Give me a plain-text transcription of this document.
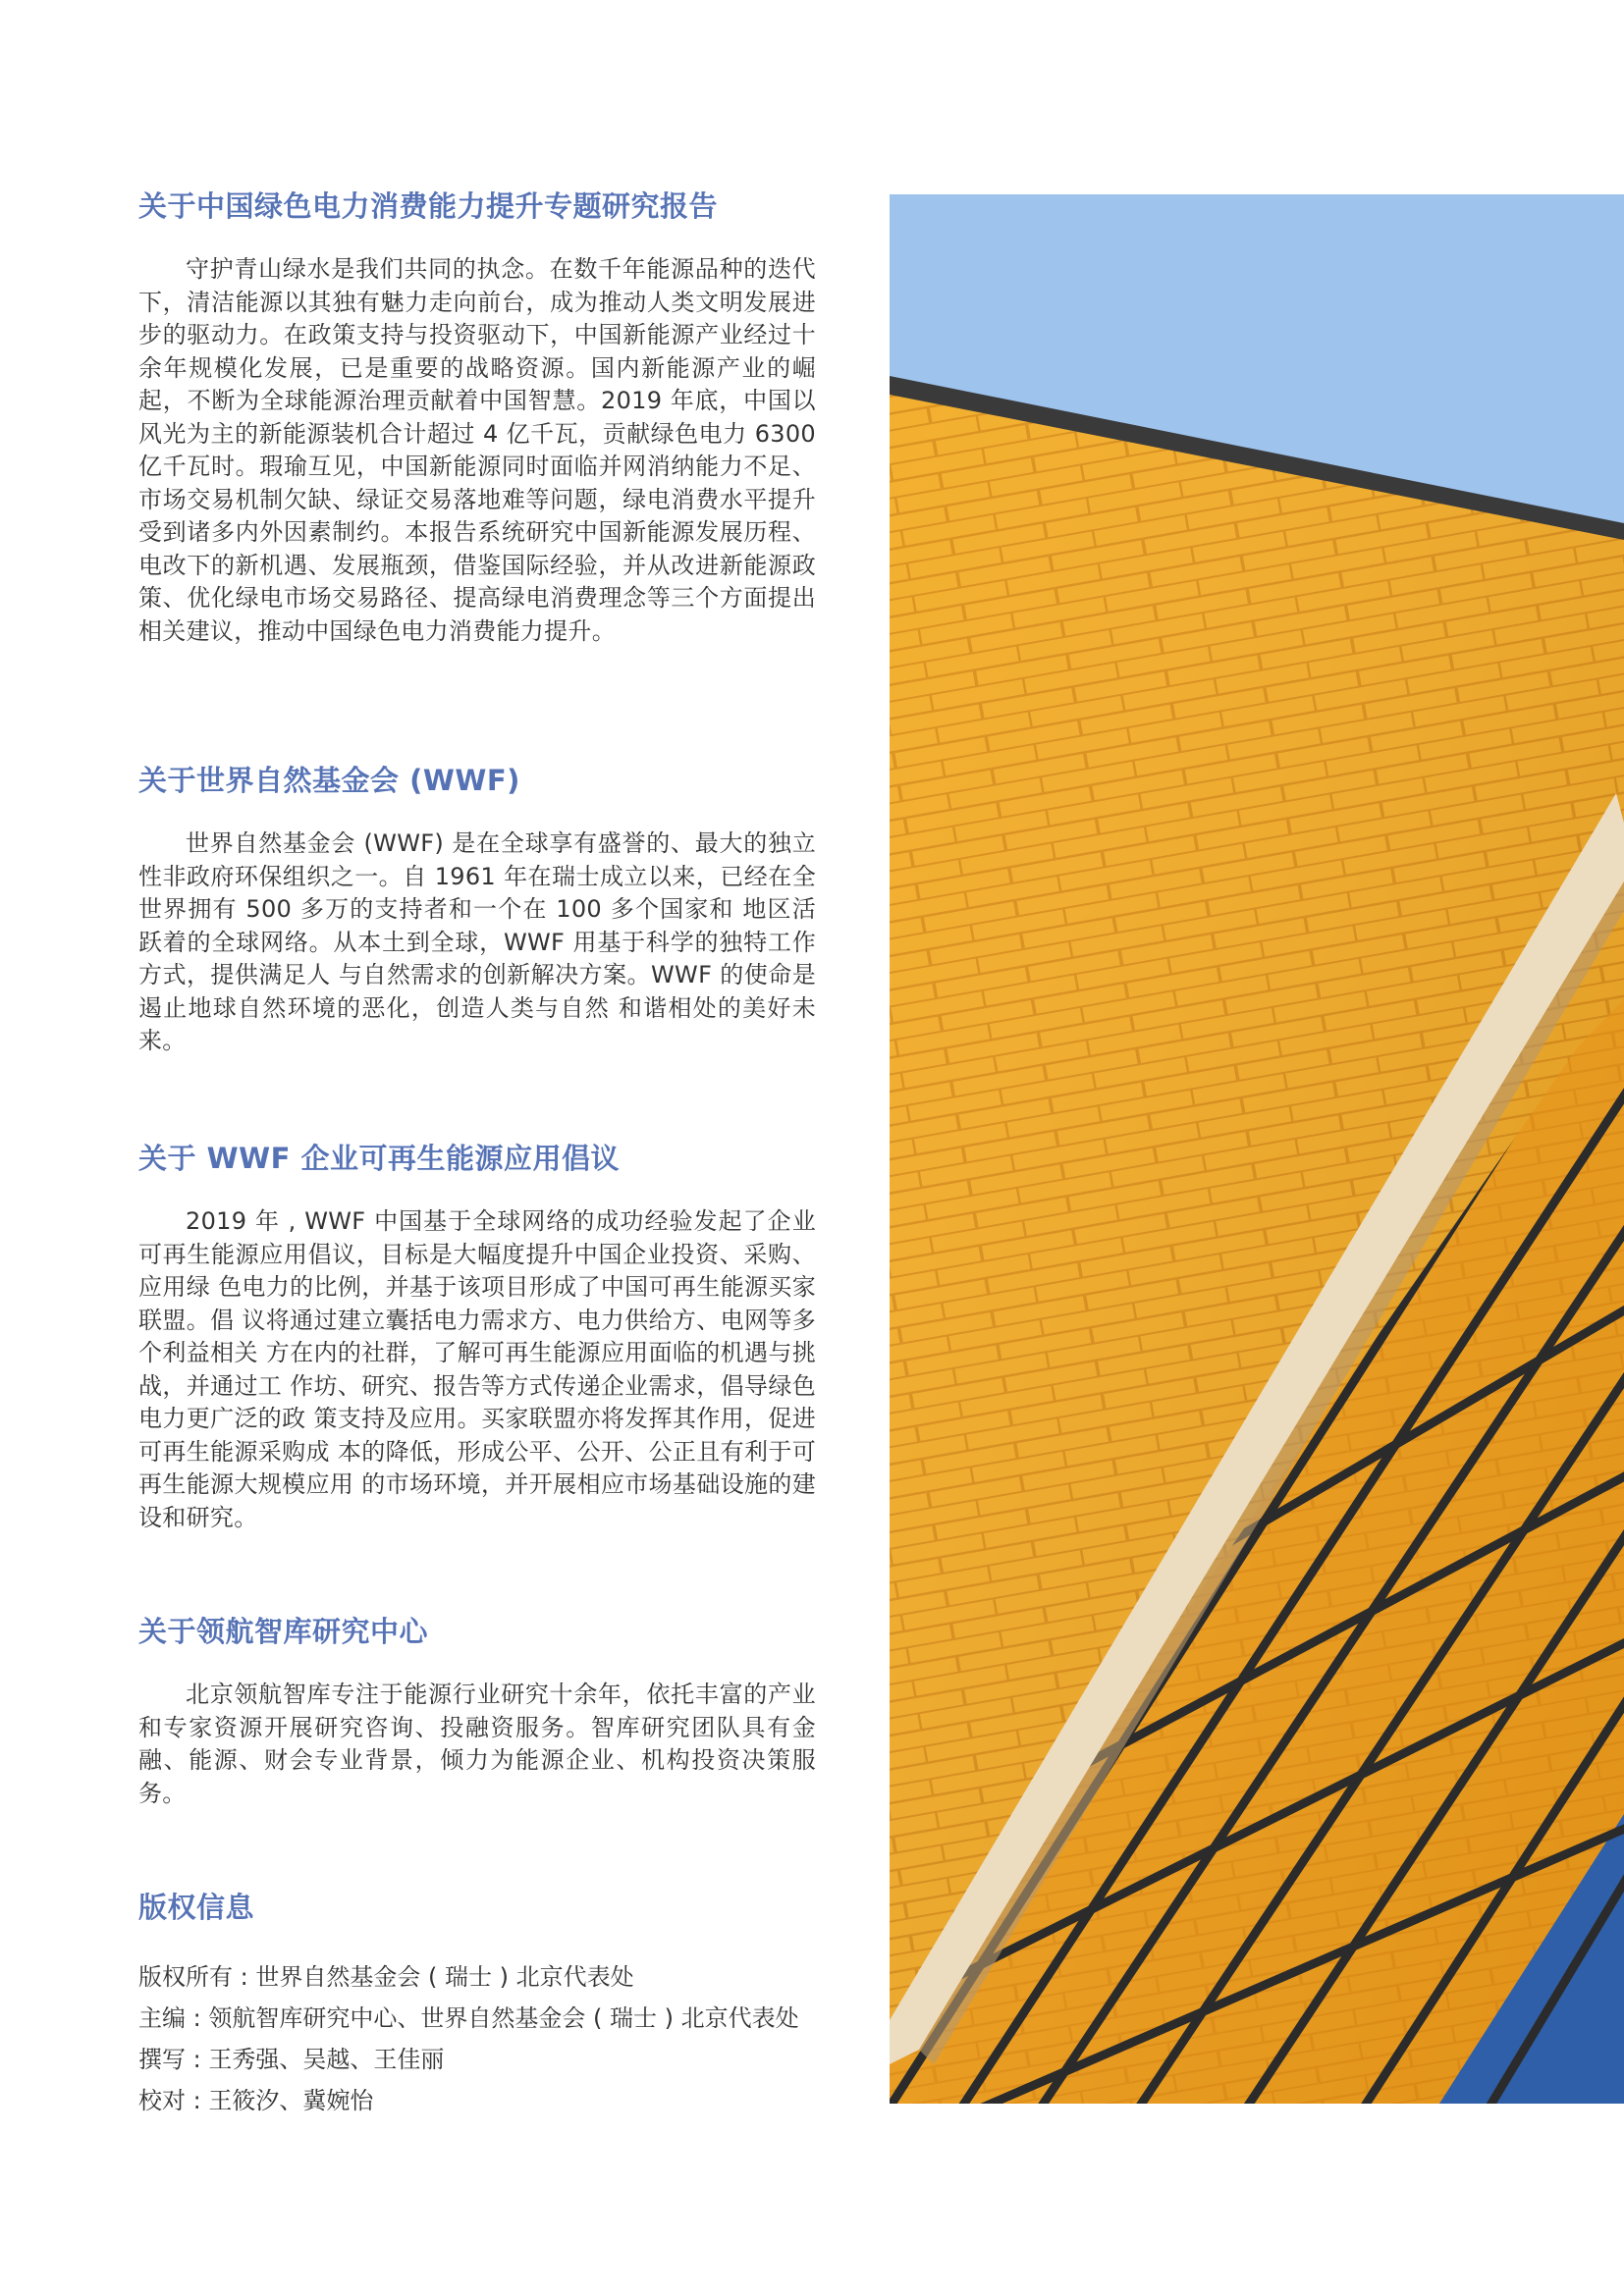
关于中国绿色电力消费能力提升专题研究报告

守护青山绿水是我们共同的执念。在数千年能源品种的迭代下，清洁能源以其独有魅力走向前台，成为推动人类文明发展进步的驱动力。在政策支持与投资驱动下，中国新能源产业经过十余年规模化发展，已是重要的战略资源。国内新能源产业的崛起，不断为全球能源治理贡献着中国智慧。2019 年底，中国以风光为主的新能源装机合计超过 4 亿千瓦，贡献绿色电力 6300 亿千瓦时。瑕瑜互见，中国新能源同时面临并网消纳能力不足、市场交易机制欠缺、绿证交易落地难等问题，绿电消费水平提升受到诸多内外因素制约。本报告系统研究中国新能源发展历程、电改下的新机遇、发展瓶颈，借鉴国际经验，并从改进新能源政策、优化绿电市场交易路径、提高绿电消费理念等三个方面提出相关建议，推动中国绿色电力消费能力提升。

关于世界自然基金会 (WWF)

世界自然基金会 (WWF) 是在全球享有盛誉的、最大的独立性非政府环保组织之一。自 1961 年在瑞士成立以来，已经在全世界拥有 500 多万的支持者和一个在 100 多个国家和 地区活跃着的全球网络。从本土到全球，WWF 用基于科学的独特工作方式，提供满足人 与自然需求的创新解决方案。WWF 的使命是遏止地球自然环境的恶化，创造人类与自然 和谐相处的美好未来。

关于 WWF 企业可再生能源应用倡议

2019 年 , WWF 中国基于全球网络的成功经验发起了企业可再生能源应用倡议，目标是大幅度提升中国企业投资、采购、应用绿 色电力的比例，并基于该项目形成了中国可再生能源买家联盟。倡 议将通过建立囊括电力需求方、电力供给方、电网等多个利益相关 方在内的社群，了解可再生能源应用面临的机遇与挑战，并通过工 作坊、研究、报告等方式传递企业需求，倡导绿色电力更广泛的政 策支持及应用。买家联盟亦将发挥其作用，促进可再生能源采购成 本的降低，形成公平、公开、公正且有利于可再生能源大规模应用 的市场环境，并开展相应市场基础设施的建设和研究。

关于领航智库研究中心

北京领航智库专注于能源行业研究十余年，依托丰富的产业和专家资源开展研究咨询、投融资服务。智库研究团队具有金融、能源、财会专业背景，倾力为能源企业、机构投资决策服务。

版权信息
版权所有 : 世界自然基金会 ( 瑞士 ) 北京代表处
主编 : 领航智库研究中心、世界自然基金会 ( 瑞士 ) 北京代表处
撰写 : 王秀强、吴越、王佳丽
校对 : 王筱汐、冀婉怡
